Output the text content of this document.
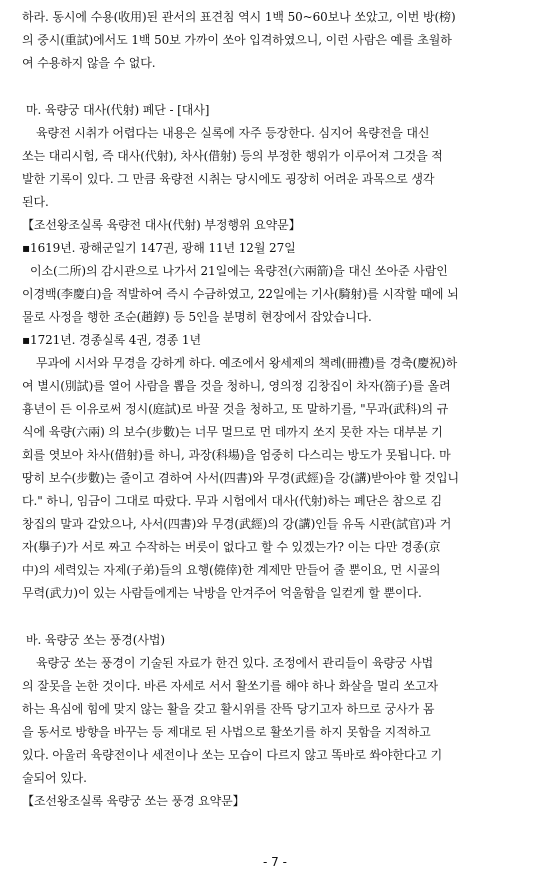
하라. 동시에 수용(收用)된 관서의 표견침 역시 1백 50~60보나 쏘았고, 이번 방(榜)

의 중시(重試)에서도 1백 50보 가까이 쏘아 입격하였으니, 이런 사람은 예를 초월하

여 수용하지 않을 수 없다.

마. 육량궁 대사(代射) 폐단 - [대사]

육량전 시취가 어렵다는 내용은 실록에 자주 등장한다. 심지어 육량전을 대신

쏘는 대리시험, 즉 대사(代射), 차사(借射) 등의 부정한 행위가 이루어져 그것을 적

발한 기록이 있다. 그 만큼 육량전 시취는 당시에도 굉장히 어려운 과목으로 생각

된다.

【조선왕조실록 육량전 대사(代射) 부정행위 요약문】

▪1619년. 광해군일기 147권, 광해 11년 12월 27일

이소(二所)의 감시관으로 나가서 21일에는 육량전(六兩箭)을 대신 쏘아준 사람인

이경백(李慶白)을 적발하여 즉시 수금하였고, 22일에는 기사(騎射)를 시작할 때에 뇌

물로 사정을 행한 조순(趙錞) 등 5인을 분명히 현장에서 잡았습니다.

▪1721년. 경종실록 4권, 경종 1년

무과에 시서와 무경을 강하게 하다. 예조에서 왕세제의 책례(冊禮)를 경축(慶祝)하

여 별시(別試)를 열어 사람을 뽑을 것을 청하니, 영의정 김창집이 차자(箚子)를 올려

흉년이 든 이유로써 정시(庭試)로 바꿀 것을 청하고, 또 말하기를, "무과(武科)의 규

식에 육량(六兩) 의 보수(步數)는 너무 멀므로 먼 데까지 쏘지 못한 자는 대부분 기

회를 엿보아 차사(借射)를 하니, 과장(科場)을 엄중히 다스리는 방도가 못됩니다. 마

땅히 보수(步數)는 줄이고 겸하여 사서(四書)와 무경(武經)을 강(講)받아야 할 것입니

다." 하니, 임금이 그대로 따랐다. 무과 시험에서 대사(代射)하는 폐단은 참으로 김

창집의 말과 같았으나, 사서(四書)와 무경(武經)의 강(講)인들 유독 시관(試官)과 거

자(擧子)가 서로 짜고 수작하는 버릇이 없다고 할 수 있겠는가? 이는 다만 경종(京

中)의 세력있는 자제(子弟)들의 요행(僥倖)한 계제만 만들어 줄 뿐이요, 먼 시골의

무력(武力)이 있는 사람들에게는 낙방을 안겨주어 억울함을 일컫게 할 뿐이다.

바. 육량궁 쏘는 풍경(사법)

육량궁 쏘는 풍경이 기술된 자료가 한건 있다. 조정에서 관리들이 육량궁 사법

의 잘못을 논한 것이다. 바른 자세로 서서 활쏘기를 해야 하나 화살을 멀리 쏘고자

하는 욕심에 힘에 맞지 않는 활을 갖고 활시위를 잔뜩 당기고자 하므로 궁사가 몸

을 동서로 방향을 바꾸는 등 제대로 된 사법으로 활쏘기를 하지 못함을 지적하고

있다. 아울러 육량전이나 세전이나 쏘는 모습이 다르지 않고 똑바로 쏴야한다고 기

술되어 있다.

【조선왕조실록 육량궁 쏘는 풍경 요약문】

- 7 -
